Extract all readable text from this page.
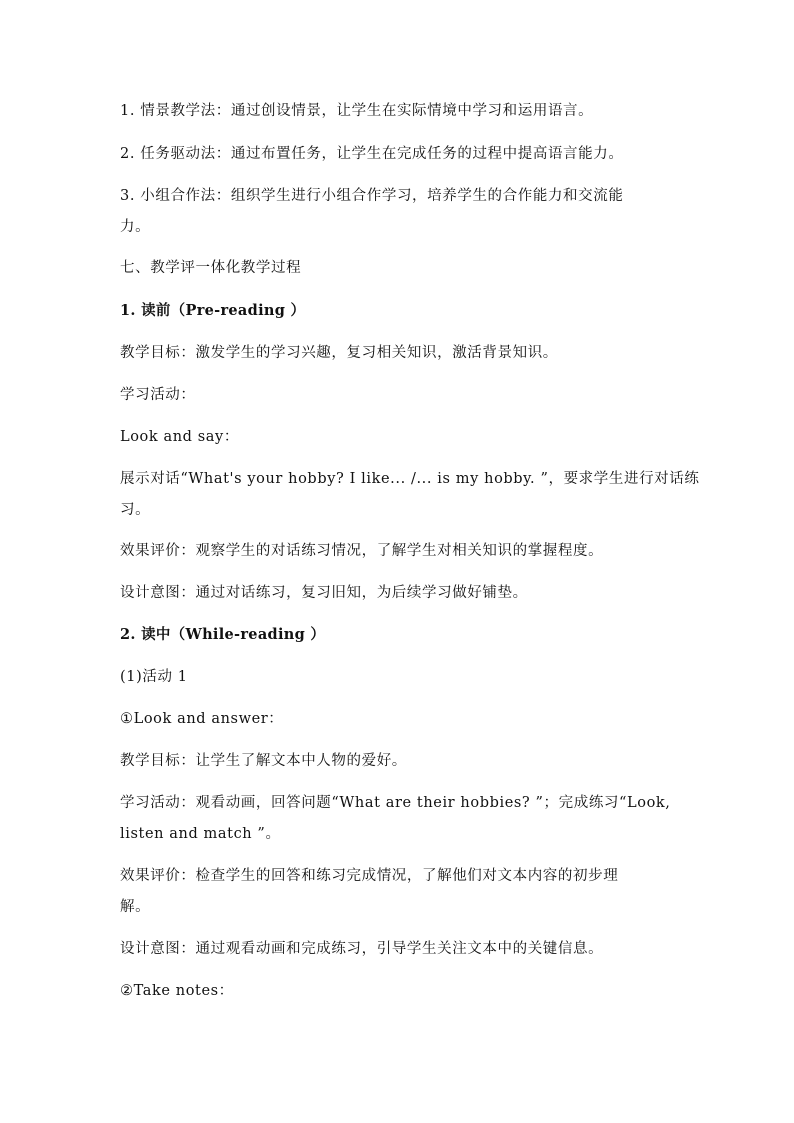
1. 情景教学法：通过创设情景，让学生在实际情境中学习和运用语言。
2. 任务驱动法：通过布置任务，让学生在完成任务的过程中提高语言能力。
3. 小组合作法：组织学生进行小组合作学习，培养学生的合作能力和交流能
力。
七、教学评一体化教学过程
1. 读前（Pre-reading ）
教学目标：激发学生的学习兴趣，复习相关知识，激活背景知识。
学习活动：
Look and say：
展示对话“What's your hobby? I like... /... is my hobby. ”，要求学生进行对话练
习。
效果评价：观察学生的对话练习情况，了解学生对相关知识的掌握程度。
设计意图：通过对话练习，复习旧知，为后续学习做好铺垫。
2. 读中（While-reading ）
(1)活动 1
①Look and answer：
教学目标：让学生了解文本中人物的爱好。
学习活动：观看动画，回答问题“What are their hobbies? ”；完成练习“Look,
listen and match ”。
效果评价：检查学生的回答和练习完成情况，了解他们对文本内容的初步理
解。
设计意图：通过观看动画和完成练习，引导学生关注文本中的关键信息。
②Take notes：
